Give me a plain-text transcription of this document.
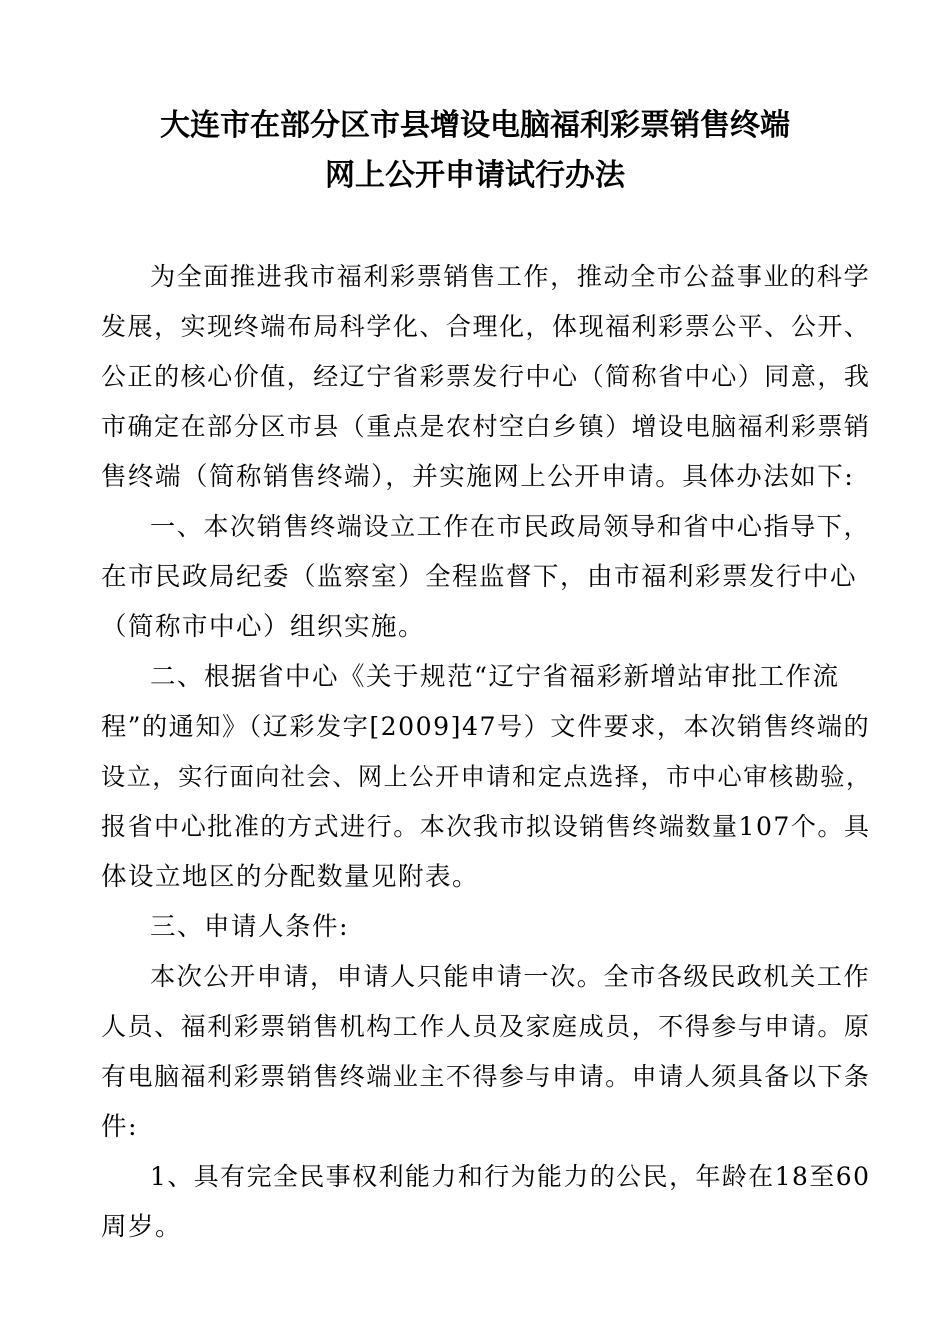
大连市在部分区市县增设电脑福利彩票销售终端
网上公开申请试行办法
为全面推进我市福利彩票销售工作，推动全市公益事业的科学
发展，实现终端布局科学化、合理化，体现福利彩票公平、公开、
公正的核心价值，经辽宁省彩票发行中心（简称省中心）同意，我
市确定在部分区市县（重点是农村空白乡镇）增设电脑福利彩票销
售终端（简称销售终端），并实施网上公开申请。具体办法如下:
一、本次销售终端设立工作在市民政局领导和省中心指导下，
在市民政局纪委（监察室）全程监督下，由市福利彩票发行中心
（简称市中心）组织实施。
二、根据省中心《关于规范“辽宁省福彩新增站审批工作流
程”的通知》（辽彩发字[2009]47号）文件要求，本次销售终端的
设立，实行面向社会、网上公开申请和定点选择，市中心审核勘验，
报省中心批准的方式进行。本次我市拟设销售终端数量107个。具
体设立地区的分配数量见附表。
三、申请人条件:
本次公开申请，申请人只能申请一次。全市各级民政机关工作
人员、福利彩票销售机构工作人员及家庭成员，不得参与申请。原
有电脑福利彩票销售终端业主不得参与申请。申请人须具备以下条
件:
1、具有完全民事权利能力和行为能力的公民，年龄在18至60
周岁。
